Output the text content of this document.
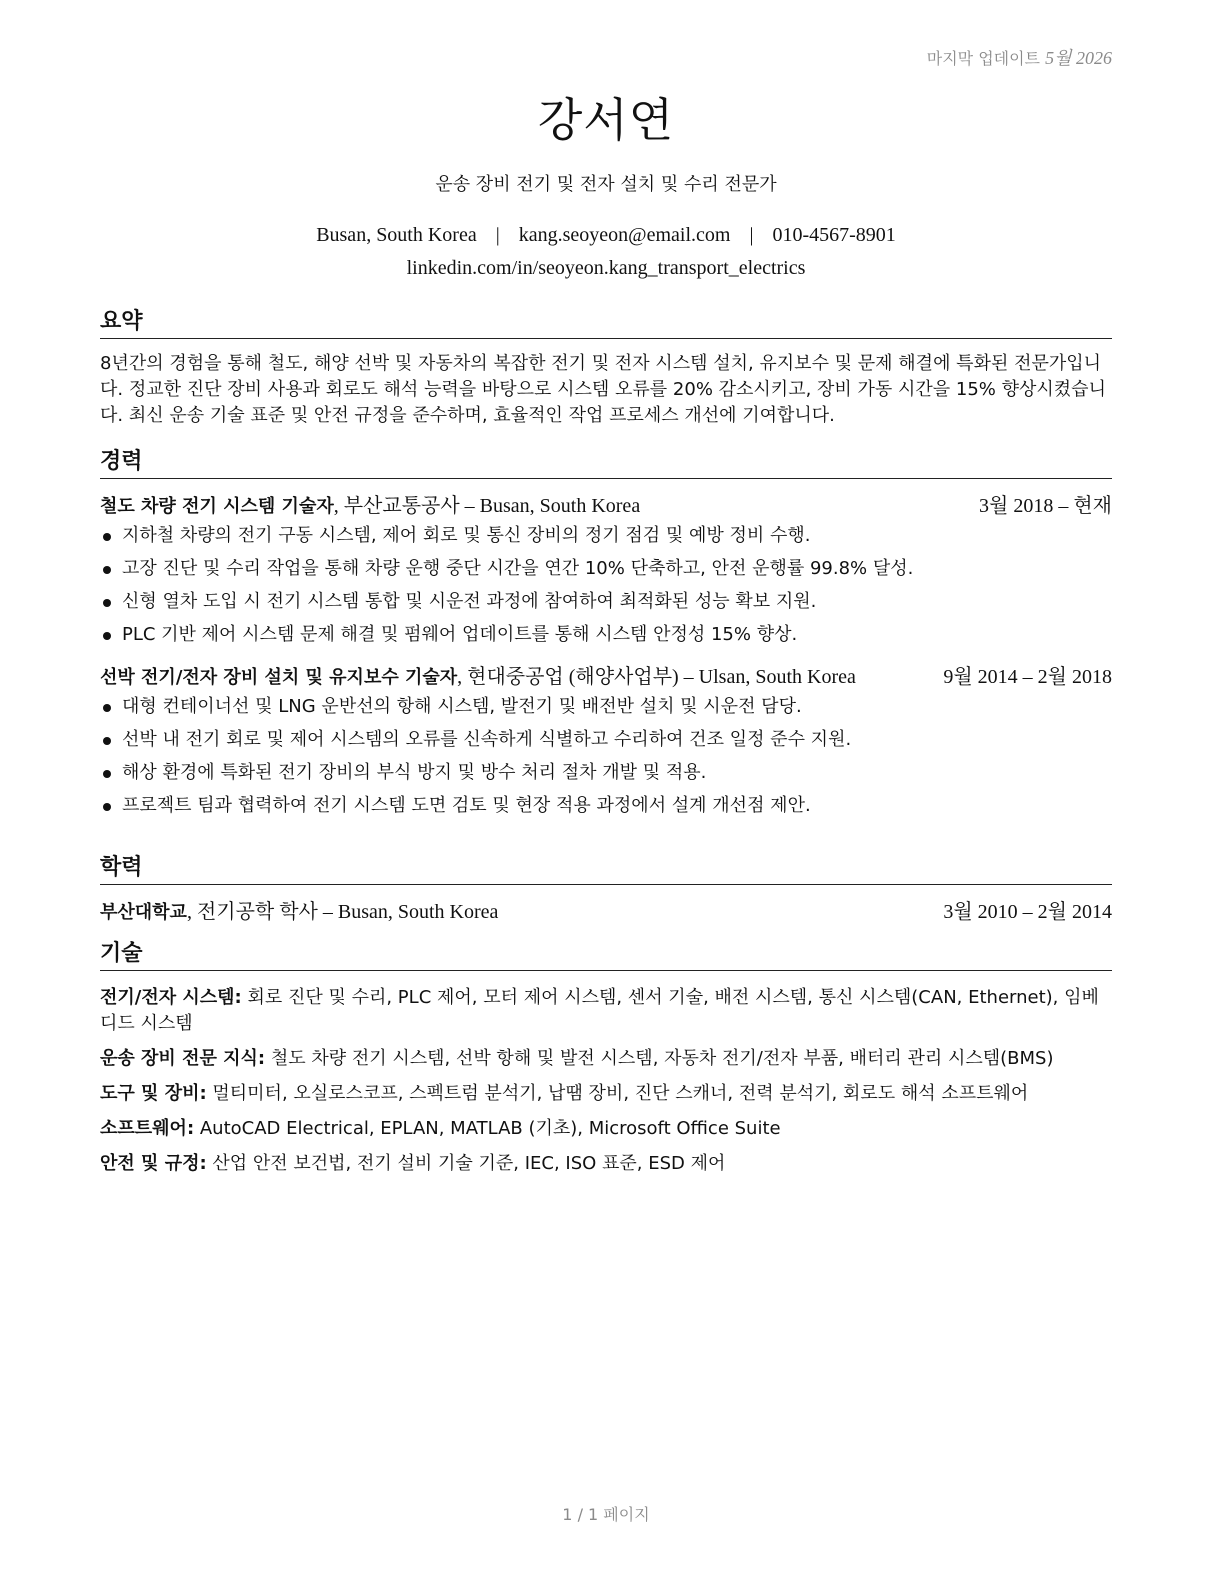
마지막 업데이트 5월 2026
강서연
운송 장비 전기 및 전자 설치 및 수리 전문가
Busan, South Korea | kang.seoyeon@email.com | 010-4567-8901
linkedin.com/in/seoyeon.kang_transport_electrics
요약
8년간의 경험을 통해 철도, 해양 선박 및 자동차의 복잡한 전기 및 전자 시스템 설치, 유지보수 및 문제 해결에 특화된 전문가입니다. 정교한 진단 장비 사용과 회로도 해석 능력을 바탕으로 시스템 오류를 20% 감소시키고, 장비 가동 시간을 15% 향상시켰습니다. 최신 운송 기술 표준 및 안전 규정을 준수하며, 효율적인 작업 프로세스 개선에 기여합니다.
경력
철도 차량 전기 시스템 기술자, 부산교통공사 – Busan, South Korea	3월 2018 – 현재
지하철 차량의 전기 구동 시스템, 제어 회로 및 통신 장비의 정기 점검 및 예방 정비 수행.
고장 진단 및 수리 작업을 통해 차량 운행 중단 시간을 연간 10% 단축하고, 안전 운행률 99.8% 달성.
신형 열차 도입 시 전기 시스템 통합 및 시운전 과정에 참여하여 최적화된 성능 확보 지원.
PLC 기반 제어 시스템 문제 해결 및 펌웨어 업데이트를 통해 시스템 안정성 15% 향상.
선박 전기/전자 장비 설치 및 유지보수 기술자, 현대중공업 (해양사업부) – Ulsan, South Korea	9월 2014 – 2월 2018
대형 컨테이너선 및 LNG 운반선의 항해 시스템, 발전기 및 배전반 설치 및 시운전 담당.
선박 내 전기 회로 및 제어 시스템의 오류를 신속하게 식별하고 수리하여 건조 일정 준수 지원.
해상 환경에 특화된 전기 장비의 부식 방지 및 방수 처리 절차 개발 및 적용.
프로젝트 팀과 협력하여 전기 시스템 도면 검토 및 현장 적용 과정에서 설계 개선점 제안.
학력
부산대학교, 전기공학 학사 – Busan, South Korea	3월 2010 – 2월 2014
기술
전기/전자 시스템: 회로 진단 및 수리, PLC 제어, 모터 제어 시스템, 센서 기술, 배전 시스템, 통신 시스템(CAN, Ethernet), 임베디드 시스템
운송 장비 전문 지식: 철도 차량 전기 시스템, 선박 항해 및 발전 시스템, 자동차 전기/전자 부품, 배터리 관리 시스템(BMS)
도구 및 장비: 멀티미터, 오실로스코프, 스펙트럼 분석기, 납땜 장비, 진단 스캐너, 전력 분석기, 회로도 해석 소프트웨어
소프트웨어: AutoCAD Electrical, EPLAN, MATLAB (기초), Microsoft Office Suite
안전 및 규정: 산업 안전 보건법, 전기 설비 기술 기준, IEC, ISO 표준, ESD 제어
1 / 1 페이지
